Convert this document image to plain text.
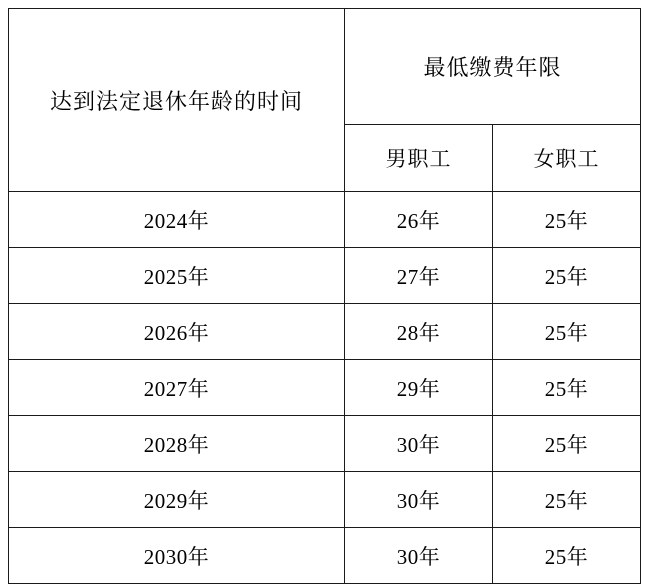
达到法定退休年龄的时间	最低缴费年限	
	男职工	女职工
2024年	26年	25年
2025年	27年	25年
2026年	28年	25年
2027年	29年	25年
2028年	30年	25年
2029年	30年	25年
2030年	30年	25年
